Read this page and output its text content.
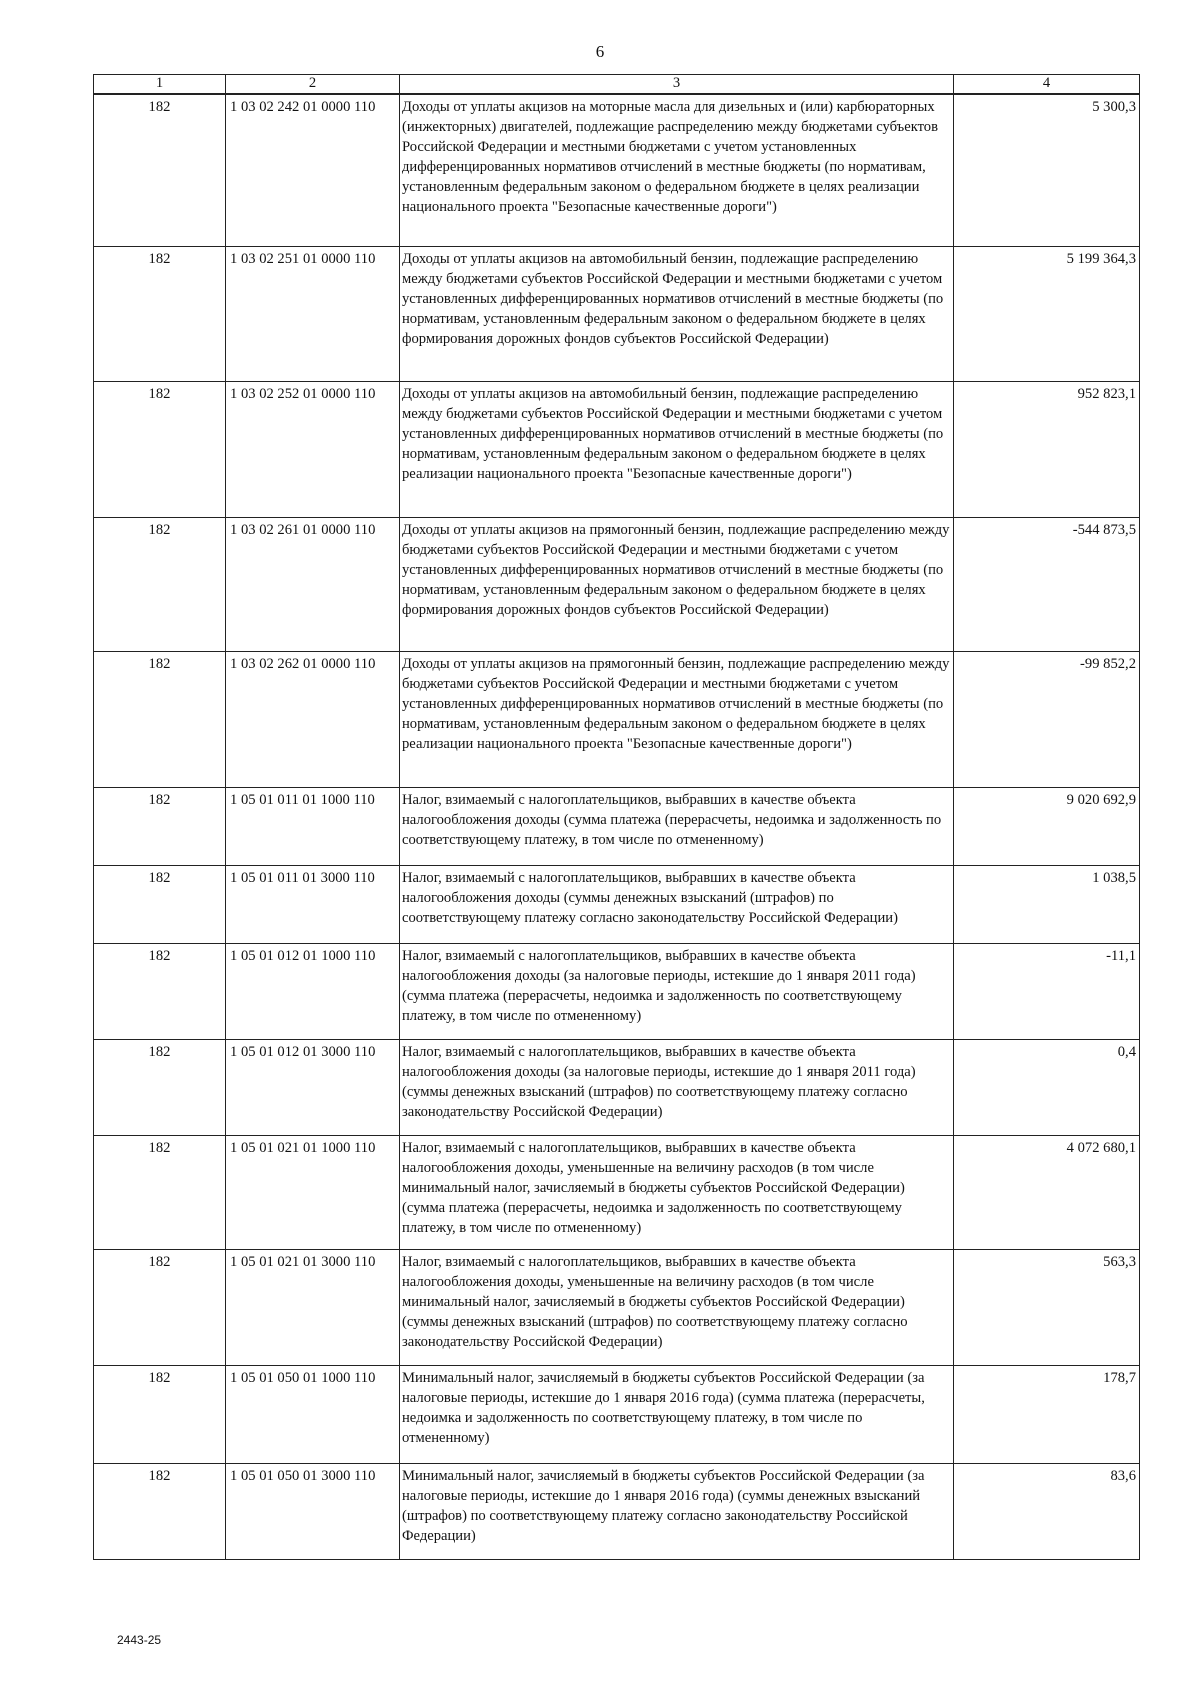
6
1	2	3	4
182	1 03 02 242 01 0000 110	Доходы от уплаты акцизов на моторные масла для дизельных и (или) карбюраторных (инжекторных) двигателей, подлежащие распределению между бюджетами субъектов Российской Федерации и местными бюджетами с учетом установленных дифференцированных нормативов отчислений в местные бюджеты (по нормативам, установленным федеральным законом о федеральном бюджете в целях реализации национального проекта "Безопасные качественные дороги")	5 300,3
182	1 03 02 251 01 0000 110	Доходы от уплаты акцизов на автомобильный бензин, подлежащие распределению между бюджетами субъектов Российской Федерации и местными бюджетами с учетом установленных дифференцированных нормативов отчислений в местные бюджеты (по нормативам, установленным федеральным законом о федеральном бюджете в целях формирования дорожных фондов субъектов Российской Федерации)	5 199 364,3
182	1 03 02 252 01 0000 110	Доходы от уплаты акцизов на автомобильный бензин, подлежащие распределению между бюджетами субъектов Российской Федерации и местными бюджетами с учетом установленных дифференцированных нормативов отчислений в местные бюджеты (по нормативам, установленным федеральным законом о федеральном бюджете в целях реализации национального проекта "Безопасные качественные дороги")	952 823,1
182	1 03 02 261 01 0000 110	Доходы от уплаты акцизов на прямогонный бензин, подлежащие распределению между бюджетами субъектов Российской Федерации и местными бюджетами с учетом установленных дифференцированных нормативов отчислений в местные бюджеты (по нормативам, установленным федеральным законом о федеральном бюджете в целях формирования дорожных фондов субъектов Российской Федерации)	-544 873,5
182	1 03 02 262 01 0000 110	Доходы от уплаты акцизов на прямогонный бензин, подлежащие распределению между бюджетами субъектов Российской Федерации и местными бюджетами с учетом установленных дифференцированных нормативов отчислений в местные бюджеты (по нормативам, установленным федеральным законом о федеральном бюджете в целях реализации национального проекта "Безопасные качественные дороги")	-99 852,2
182	1 05 01 011 01 1000 110	Налог, взимаемый с налогоплательщиков, выбравших в качестве объекта налогообложения доходы (сумма платежа (перерасчеты, недоимка и задолженность по соответствующему платежу, в том числе по отмененному)	9 020 692,9
182	1 05 01 011 01 3000 110	Налог, взимаемый с налогоплательщиков, выбравших в качестве объекта налогообложения доходы (суммы денежных взысканий (штрафов) по соответствующему платежу согласно законодательству Российской Федерации)	1 038,5
182	1 05 01 012 01 1000 110	Налог, взимаемый с налогоплательщиков, выбравших в качестве объекта налогообложения доходы (за налоговые периоды, истекшие до 1 января 2011 года) (сумма платежа (перерасчеты, недоимка и задолженность по соответствующему платежу, в том числе по отмененному)	-11,1
182	1 05 01 012 01 3000 110	Налог, взимаемый с налогоплательщиков, выбравших в качестве объекта налогообложения доходы (за налоговые периоды, истекшие до 1 января 2011 года) (суммы денежных взысканий (штрафов) по соответствующему платежу согласно законодательству Российской Федерации)	0,4
182	1 05 01 021 01 1000 110	Налог, взимаемый с налогоплательщиков, выбравших в качестве объекта налогообложения доходы, уменьшенные на величину расходов (в том числе минимальный налог, зачисляемый в бюджеты субъектов Российской Федерации) (сумма платежа (перерасчеты, недоимка и задолженность по соответствующему платежу, в том числе по отмененному)	4 072 680,1
182	1 05 01 021 01 3000 110	Налог, взимаемый с налогоплательщиков, выбравших в качестве объекта налогообложения доходы, уменьшенные на величину расходов (в том числе минимальный налог, зачисляемый в бюджеты субъектов Российской Федерации) (суммы денежных взысканий (штрафов) по соответствующему платежу согласно законодательству Российской Федерации)	563,3
182	1 05 01 050 01 1000 110	Минимальный налог, зачисляемый в бюджеты субъектов Российской Федерации (за налоговые периоды, истекшие до 1 января 2016 года) (сумма платежа (перерасчеты, недоимка и задолженность по соответствующему платежу, в том числе по отмененному)	178,7
182	1 05 01 050 01 3000 110	Минимальный налог, зачисляемый в бюджеты субъектов Российской Федерации (за налоговые периоды, истекшие до 1 января 2016 года) (суммы денежных взысканий (штрафов) по соответствующему платежу согласно законодательству Российской Федерации)	83,6
2443-25
